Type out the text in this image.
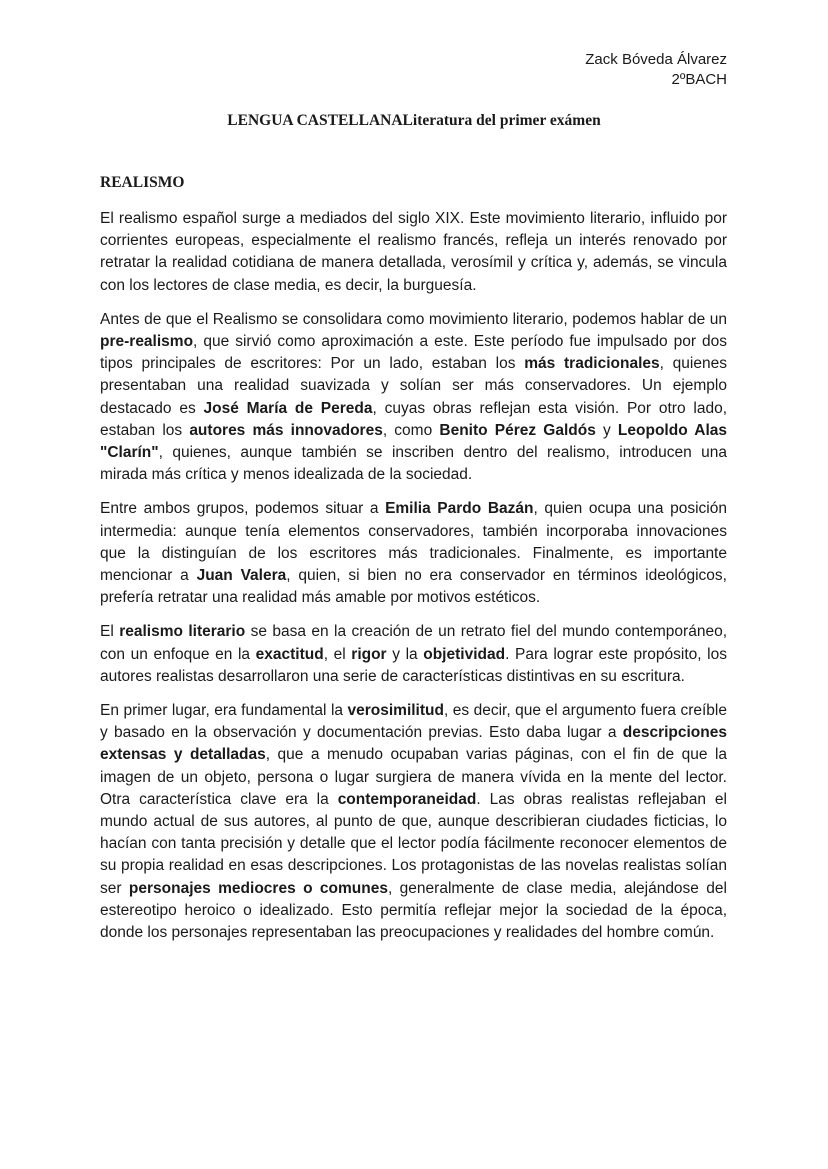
Zack Bóveda Álvarez
2ºBACH
LENGUA CASTELLANALiteratura del primer exámen
REALISMO

El realismo español surge a mediados del siglo XIX. Este movimiento literario, influido por corrientes europeas, especialmente el realismo francés, refleja un interés renovado por retratar la realidad cotidiana de manera detallada, verosímil y crítica y, además, se vincula con los lectores de clase media, es decir, la burguesía.

Antes de que el Realismo se consolidara como movimiento literario, podemos hablar de un pre-realismo, que sirvió como aproximación a este. Este período fue impulsado por dos tipos principales de escritores: Por un lado, estaban los más tradicionales, quienes presentaban una realidad suavizada y solían ser más conservadores. Un ejemplo destacado es José María de Pereda, cuyas obras reflejan esta visión. Por otro lado, estaban los autores más innovadores, como Benito Pérez Galdós y Leopoldo Alas "Clarín", quienes, aunque también se inscriben dentro del realismo, introducen una mirada más crítica y menos idealizada de la sociedad.

Entre ambos grupos, podemos situar a Emilia Pardo Bazán, quien ocupa una posición intermedia: aunque tenía elementos conservadores, también incorporaba innovaciones que la distinguían de los escritores más tradicionales. Finalmente, es importante mencionar a Juan Valera, quien, si bien no era conservador en términos ideológicos, prefería retratar una realidad más amable por motivos estéticos.

El realismo literario se basa en la creación de un retrato fiel del mundo contemporáneo, con un enfoque en la exactitud, el rigor y la objetividad. Para lograr este propósito, los autores realistas desarrollaron una serie de características distintivas en su escritura.

En primer lugar, era fundamental la verosimilitud, es decir, que el argumento fuera creíble y basado en la observación y documentación previas. Esto daba lugar a descripciones extensas y detalladas, que a menudo ocupaban varias páginas, con el fin de que la imagen de un objeto, persona o lugar surgiera de manera vívida en la mente del lector. Otra característica clave era la contemporaneidad. Las obras realistas reflejaban el mundo actual de sus autores, al punto de que, aunque describieran ciudades ficticias, lo hacían con tanta precisión y detalle que el lector podía fácilmente reconocer elementos de su propia realidad en esas descripciones. Los protagonistas de las novelas realistas solían ser personajes mediocres o comunes, generalmente de clase media, alejándose del estereotipo heroico o idealizado. Esto permitía reflejar mejor la sociedad de la época, donde los personajes representaban las preocupaciones y realidades del hombre común.
